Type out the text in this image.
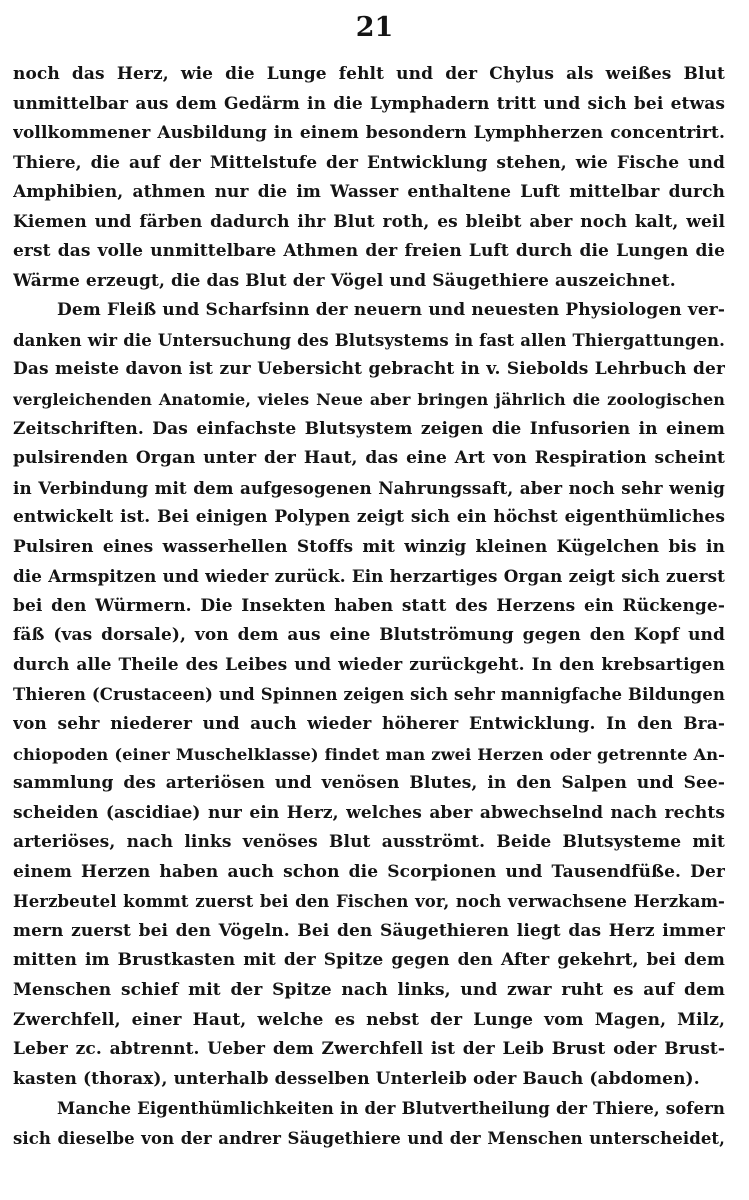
21
noch das Herz, wie die Lunge fehlt und der Chylus als weißes Blut
unmittelbar aus dem Gedärm in die Lymphadern tritt und sich bei etwas
vollkommener Ausbildung in einem besondern Lymphherzen concentrirt.
Thiere, die auf der Mittelstufe der Entwicklung stehen, wie Fische und
Amphibien, athmen nur die im Wasser enthaltene Luft mittelbar durch
Kiemen und färben dadurch ihr Blut roth, es bleibt aber noch kalt, weil
erst das volle unmittelbare Athmen der freien Luft durch die Lungen die
Wärme erzeugt, die das Blut der Vögel und Säugethiere auszeichnet.
Dem Fleiß und Scharfsinn der neuern und neuesten Physiologen ver-
danken wir die Untersuchung des Blutsystems in fast allen Thiergattungen.
Das meiste davon ist zur Uebersicht gebracht in v. Siebolds Lehrbuch der
vergleichenden Anatomie, vieles Neue aber bringen jährlich die zoologischen
Zeitschriften. Das einfachste Blutsystem zeigen die Infusorien in einem
pulsirenden Organ unter der Haut, das eine Art von Respiration scheint
in Verbindung mit dem aufgesogenen Nahrungssaft, aber noch sehr wenig
entwickelt ist. Bei einigen Polypen zeigt sich ein höchst eigenthümliches
Pulsiren eines wasserhellen Stoffs mit winzig kleinen Kügelchen bis in
die Armspitzen und wieder zurück. Ein herzartiges Organ zeigt sich zuerst
bei den Würmern. Die Insekten haben statt des Herzens ein Rückenge-
fäß (vas dorsale), von dem aus eine Blutströmung gegen den Kopf und
durch alle Theile des Leibes und wieder zurückgeht. In den krebsartigen
Thieren (Crustaceen) und Spinnen zeigen sich sehr mannigfache Bildungen
von sehr niederer und auch wieder höherer Entwicklung. In den Bra-
chiopoden (einer Muschelklasse) findet man zwei Herzen oder getrennte An-
sammlung des arteriösen und venösen Blutes, in den Salpen und See-
scheiden (ascidiae) nur ein Herz, welches aber abwechselnd nach rechts
arteriöses, nach links venöses Blut ausströmt. Beide Blutsysteme mit
einem Herzen haben auch schon die Scorpionen und Tausendfüße. Der
Herzbeutel kommt zuerst bei den Fischen vor, noch verwachsene Herzkam-
mern zuerst bei den Vögeln. Bei den Säugethieren liegt das Herz immer
mitten im Brustkasten mit der Spitze gegen den After gekehrt, bei dem
Menschen schief mit der Spitze nach links, und zwar ruht es auf dem
Zwerchfell, einer Haut, welche es nebst der Lunge vom Magen, Milz,
Leber zc. abtrennt. Ueber dem Zwerchfell ist der Leib Brust oder Brust-
kasten (thorax), unterhalb desselben Unterleib oder Bauch (abdomen).
Manche Eigenthümlichkeiten in der Blutvertheilung der Thiere, sofern
sich dieselbe von der andrer Säugethiere und der Menschen unterscheidet,
